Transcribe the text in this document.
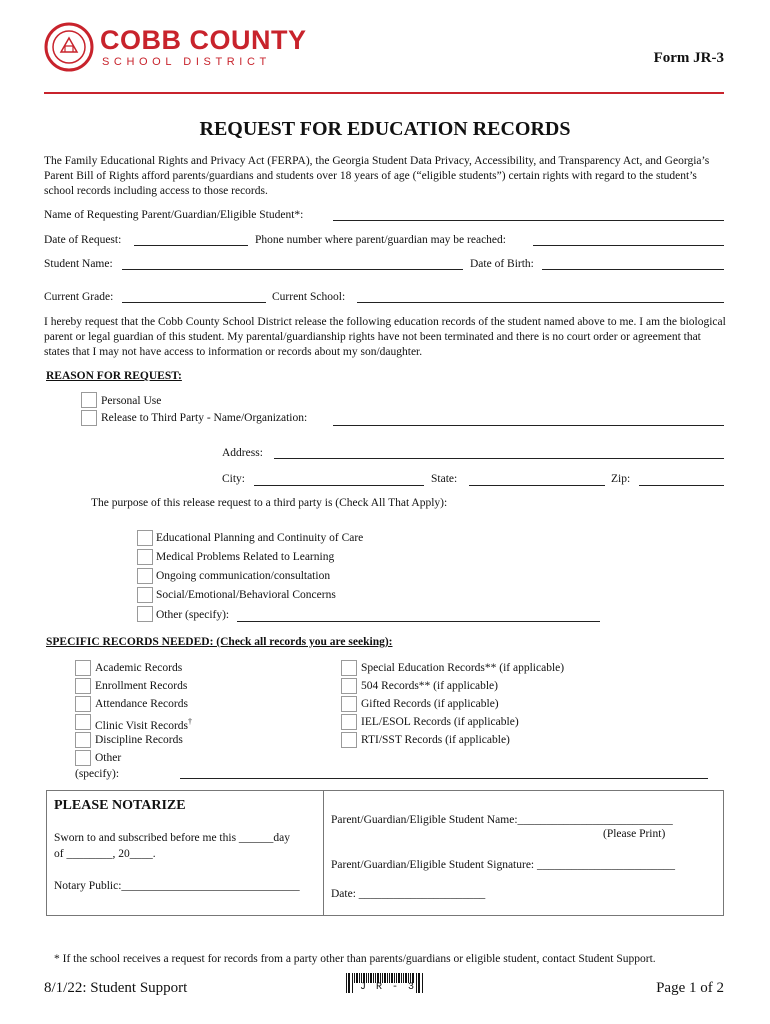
COBB COUNTY
SCHOOL DISTRICT	Form JR-3
REQUEST FOR EDUCATION RECORDS
The Family Educational Rights and Privacy Act (FERPA), the Georgia Student Data Privacy, Accessibility, and Transparency Act, and Georgia’s Parent Bill of Rights afford parents/guardians and students over 18 years of age (“eligible students”) certain rights with regard to the student’s school records including access to those records.
Name of Requesting Parent/Guardian/Eligible Student*:
Date of Request:	Phone number where parent/guardian may be reached:
Student Name:	Date of Birth:
Current Grade:	Current School:
I hereby request that the Cobb County School District release the following education records of the student named above to me. I am the biological parent or legal guardian of this student. My parental/guardianship rights have not been terminated and there is no court order or agreement that states that I may not have access to information or records about my son/daughter.
REASON FOR REQUEST:
Personal Use
Release to Third Party - Name/Organization:
Address:
City:	State:	Zip:
The purpose of this release request to a third party is (Check All That Apply):
Educational Planning and Continuity of Care
Medical Problems Related to Learning
Ongoing communication/consultation
Social/Emotional/Behavioral Concerns
Other (specify):
SPECIFIC RECORDS NEEDED: (Check all records you are seeking):
Academic Records
Enrollment Records
Attendance Records
Clinic Visit Records†
Discipline Records
Other
(specify):
Special Education Records** (if applicable)
504 Records** (if applicable)
Gifted Records (if applicable)
IEL/ESOL Records (if applicable)
RTI/SST Records (if applicable)
PLEASE NOTARIZE
Sworn to and subscribed before me this ______day
of ________, 20____.
Notary Public:_______________________________
Parent/Guardian/Eligible Student Name:___________________________
(Please Print)
Parent/Guardian/Eligible Student Signature: ________________________
Date: ______________________
* If the school receives a request for records from a party other than parents/guardians or eligible student, contact Student Support.
8/1/22: Student Support	J R - 3	Page 1 of 2
